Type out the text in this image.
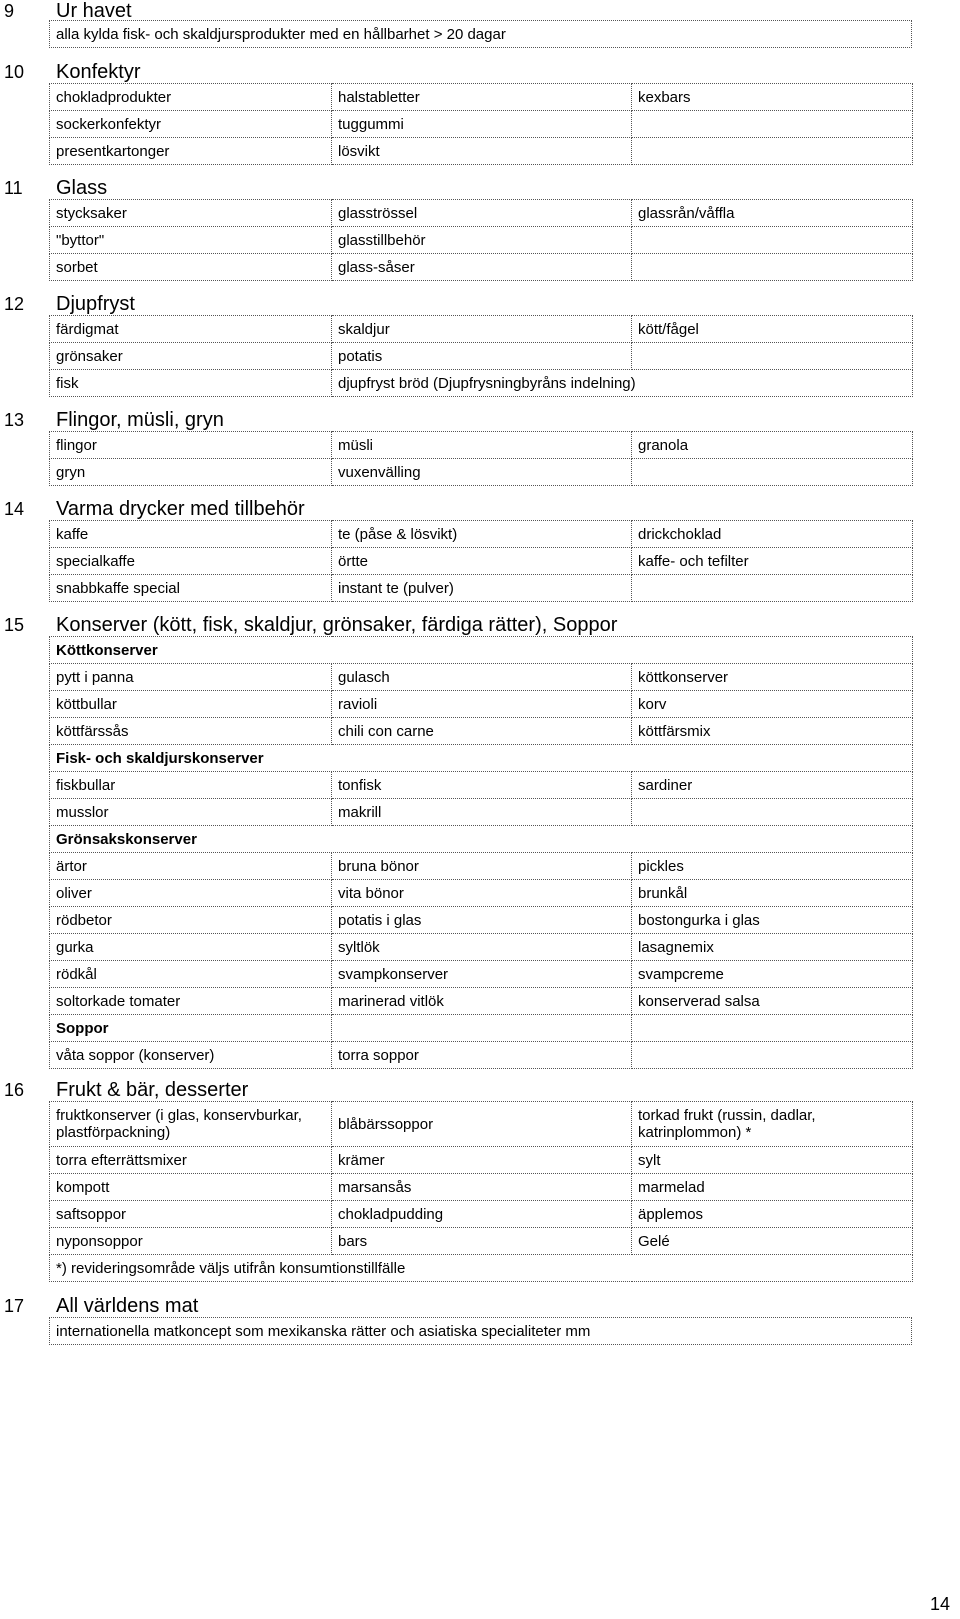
9	Ur havet
alla kylda fisk- och skaldjursprodukter med en hållbarhet > 20 dagar
10	Konfektyr
chokladprodukter	halstabletter	kexbars
sockerkonfektyr	tuggummi	
presentkartonger	lösvikt	
11	Glass
stycksaker	glasströssel	glassrån/våffla
"byttor"	glasstillbehör	
sorbet	glass-såser	
12	Djupfryst
färdigmat	skaldjur	kött/fågel
grönsaker	potatis	
fisk	djupfryst bröd (Djupfrysningbyråns indelning)	
13	Flingor, müsli, gryn
flingor	müsli	granola
gryn	vuxenvälling	
14	Varma drycker med tillbehör
kaffe	te (påse & lösvikt)	drickchoklad
specialkaffe	örtte	kaffe- och tefilter
snabbkaffe special	instant te (pulver)	
15	Konserver (kött, fisk, skaldjur, grönsaker, färdiga rätter), Soppor
Köttkonserver		
pytt i panna	gulasch	köttkonserver
köttbullar	ravioli	korv
köttfärssås	chili con carne	köttfärsmix
Fisk- och skaldjurskonserver		
fiskbullar	tonfisk	sardiner
musslor	makrill	
Grönsakskonserver		
ärtor	bruna bönor	pickles
oliver	vita bönor	brunkål
rödbetor	potatis i glas	bostongurka i glas
gurka	syltlök	lasagnemix
rödkål	svampkonserver	svampcreme
soltorkade tomater	marinerad vitlök	konserverad salsa
Soppor		
våta soppor (konserver)	torra soppor	
16	Frukt & bär, desserter
fruktkonserver (i glas, konservburkar, plastförpackning)	blåbärssoppor	torkad frukt (russin, dadlar, katrinplommon) *
torra efterrättsmixer	krämer	sylt
kompott	marsansås	marmelad
saftsoppor	chokladpudding	äpplemos
nyponsoppor	bars	Gelé
*) revideringsområde väljs utifrån konsumtionstillfälle		
17	All världens mat
internationella matkoncept som mexikanska rätter och asiatiska specialiteter mm
14
